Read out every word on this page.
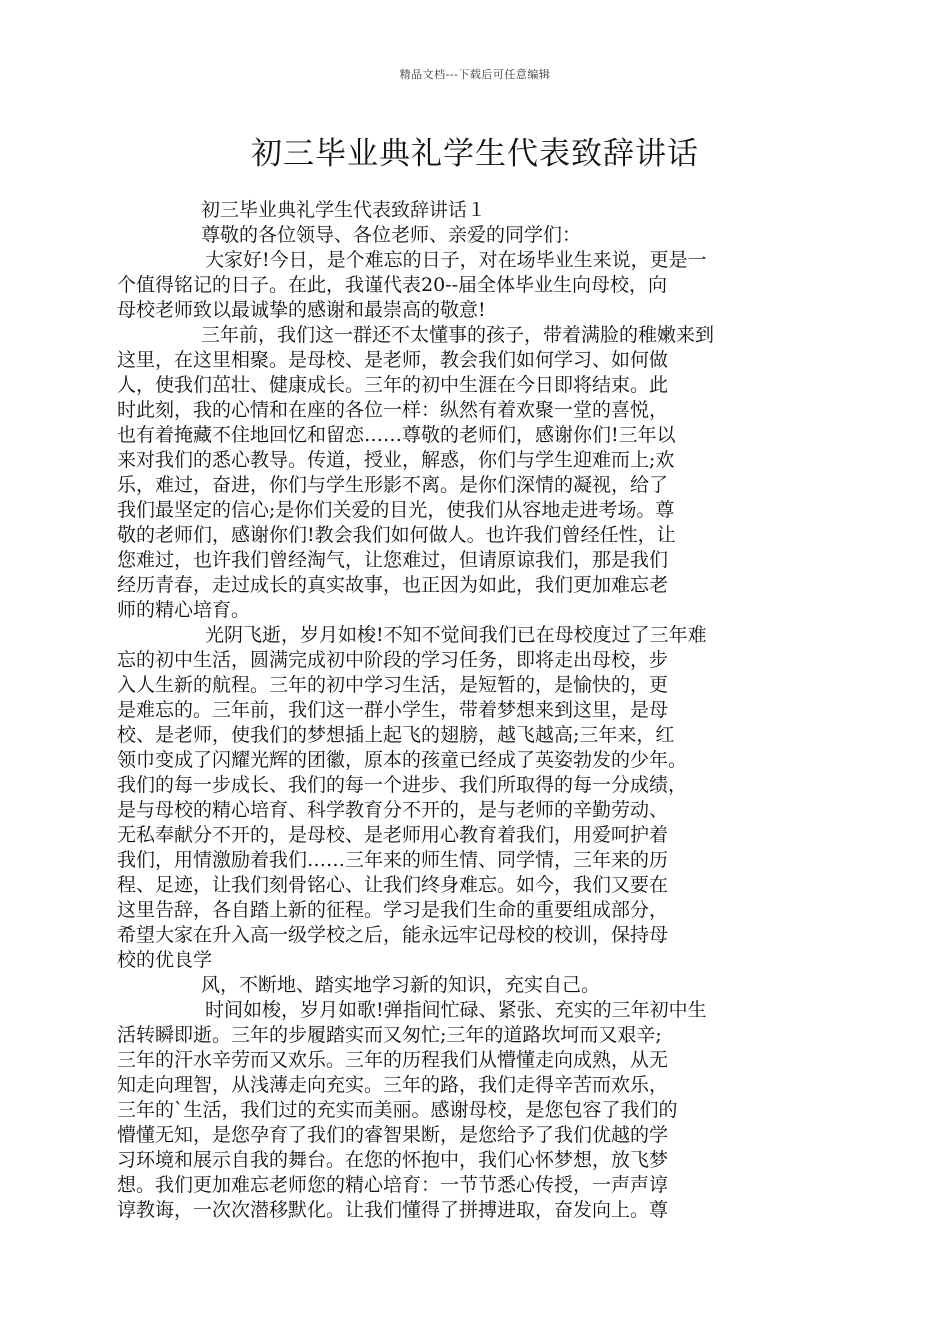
精品文档---下载后可任意编辑
初三毕业典礼学生代表致辞讲话
初三毕业典礼学生代表致辞讲话１
尊敬的各位领导、各位老师、亲爱的同学们：
大家好!今日，是个难忘的日子，对在场毕业生来说，更是一
个值得铭记的日子。在此，我谨代表20--届全体毕业生向母校，向
母校老师致以最诚挚的感谢和最崇高的敬意!
三年前，我们这一群还不太懂事的孩子，带着满脸的稚嫩来到
这里，在这里相聚。是母校、是老师，教会我们如何学习、如何做
人，使我们茁壮、健康成长。三年的初中生涯在今日即将结束。此
时此刻，我的心情和在座的各位一样：纵然有着欢聚一堂的喜悦，
也有着掩藏不住地回忆和留恋……尊敬的老师们，感谢你们!三年以
来对我们的悉心教导。传道，授业，解惑，你们与学生迎难而上;欢
乐，难过，奋进，你们与学生形影不离。是你们深情的凝视，给了
我们最坚定的信心;是你们关爱的目光，使我们从容地走进考场。尊
敬的老师们，感谢你们!教会我们如何做人。也许我们曾经任性，让
您难过，也许我们曾经淘气，让您难过，但请原谅我们，那是我们
经历青春，走过成长的真实故事，也正因为如此，我们更加难忘老
师的精心培育。
光阴飞逝，岁月如梭!不知不觉间我们已在母校度过了三年难
忘的初中生活，圆满完成初中阶段的学习任务，即将走出母校，步
入人生新的航程。三年的初中学习生活，是短暂的，是愉快的，更
是难忘的。三年前，我们这一群小学生，带着梦想来到这里，是母
校、是老师，使我们的梦想插上起飞的翅膀，越飞越高;三年来，红
领巾变成了闪耀光辉的团徽，原本的孩童已经成了英姿勃发的少年。
我们的每一步成长、我们的每一个进步、我们所取得的每一分成绩，
是与母校的精心培育、科学教育分不开的，是与老师的辛勤劳动、
无私奉献分不开的，是母校、是老师用心教育着我们，用爱呵护着
我们，用情激励着我们……三年来的师生情、同学情，三年来的历
程、足迹，让我们刻骨铭心、让我们终身难忘。如今，我们又要在
这里告辞，各自踏上新的征程。学习是我们生命的重要组成部分，
希望大家在升入高一级学校之后，能永远牢记母校的校训，保持母
校的优良学
风，不断地、踏实地学习新的知识，充实自己。
时间如梭，岁月如歌!弹指间忙碌、紧张、充实的三年初中生
活转瞬即逝。三年的步履踏实而又匆忙;三年的道路坎坷而又艰辛;
三年的汗水辛劳而又欢乐。三年的历程我们从懵懂走向成熟，从无
知走向理智，从浅薄走向充实。三年的路，我们走得辛苦而欢乐，
三年的`生活，我们过的充实而美丽。感谢母校，是您包容了我们的
懵懂无知，是您孕育了我们的睿智果断，是您给予了我们优越的学
习环境和展示自我的舞台。在您的怀抱中，我们心怀梦想，放飞梦
想。我们更加难忘老师您的精心培育：一节节悉心传授，一声声谆
谆教诲，一次次潜移默化。让我们懂得了拼搏进取，奋发向上。尊
